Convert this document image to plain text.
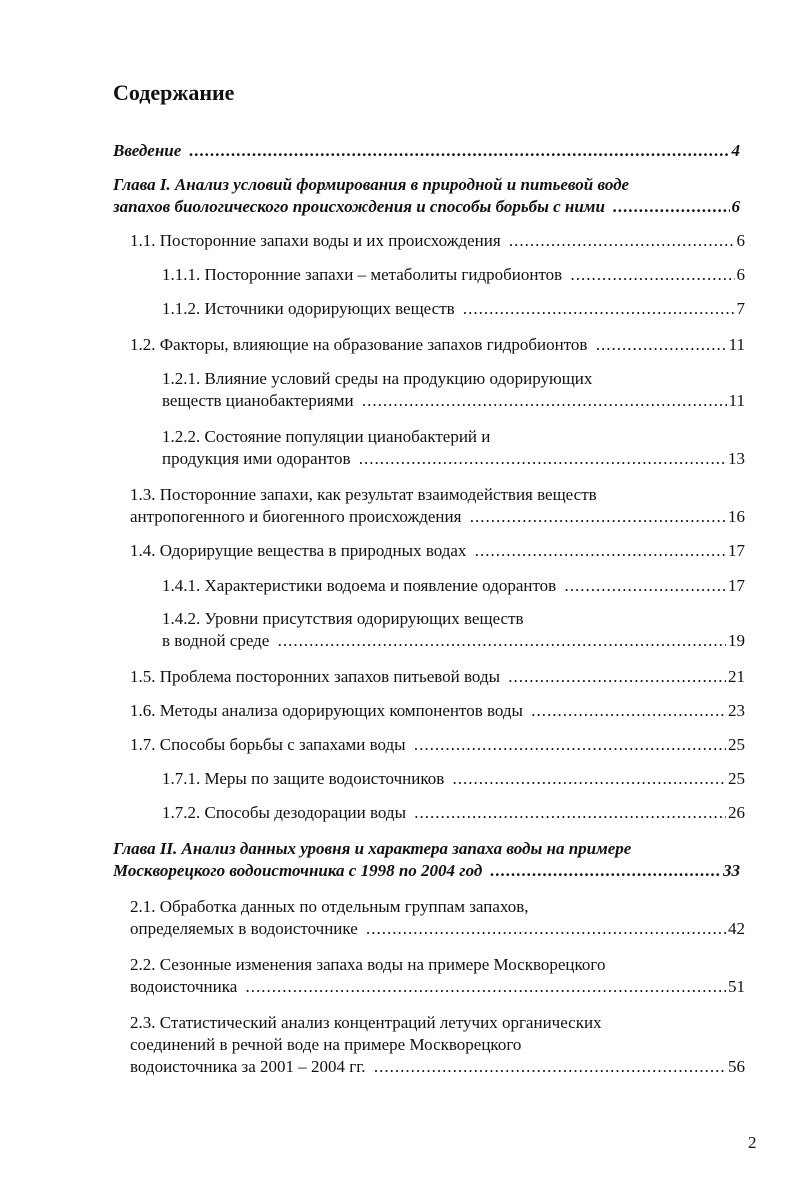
Содержание
Введение	4
.....
Глава I. Анализ условий формирования в природной и питьевой воде
запахов биологического происхождения и способы борьбы с ними	6
.....
1.1. Посторонние запахи воды и их происхождения	6
.....
1.1.1. Посторонние запахи – метаболиты гидробионтов	6
.....
1.1.2. Источники одорирующих веществ	7
.....
1.2. Факторы, влияющие на образование запахов гидробионтов	11
.....
1.2.1. Влияние условий среды на продукцию одорирующих
веществ цианобактериями	11
.....
1.2.2. Состояние популяции цианобактерий и
продукция ими одорантов	13
.....
1.3. Посторонние запахи, как результат взаимодействия веществ
антропогенного и биогенного происхождения	16
.....
1.4. Одорирущие вещества в природных водах	17
.....
1.4.1. Характеристики водоема и появление одорантов	17
.....
1.4.2. Уровни присутствия одорирующих веществ
в водной среде	19
.....
1.5. Проблема посторонних запахов питьевой воды	21
.....
1.6. Методы анализа одорирующих компонентов воды	23
.....
1.7. Способы борьбы с запахами воды	25
.....
1.7.1. Меры по защите водоисточников	25
.....
1.7.2. Способы дезодорации воды	26
.....
Глава II. Анализ данных уровня и характера запаха воды на примере
Москворецкого водоисточника с 1998 по 2004 год	33
.....
2.1. Обработка данных по отдельным группам запахов,
определяемых в водоисточнике	42
.....
2.2. Сезонные изменения запаха воды на примере Москворецкого
водоисточника	51
.....
2.3. Статистический анализ концентраций летучих органических
соединений в речной воде на примере Москворецкого
водоисточника за 2001 – 2004 гг.	56
.....
2
